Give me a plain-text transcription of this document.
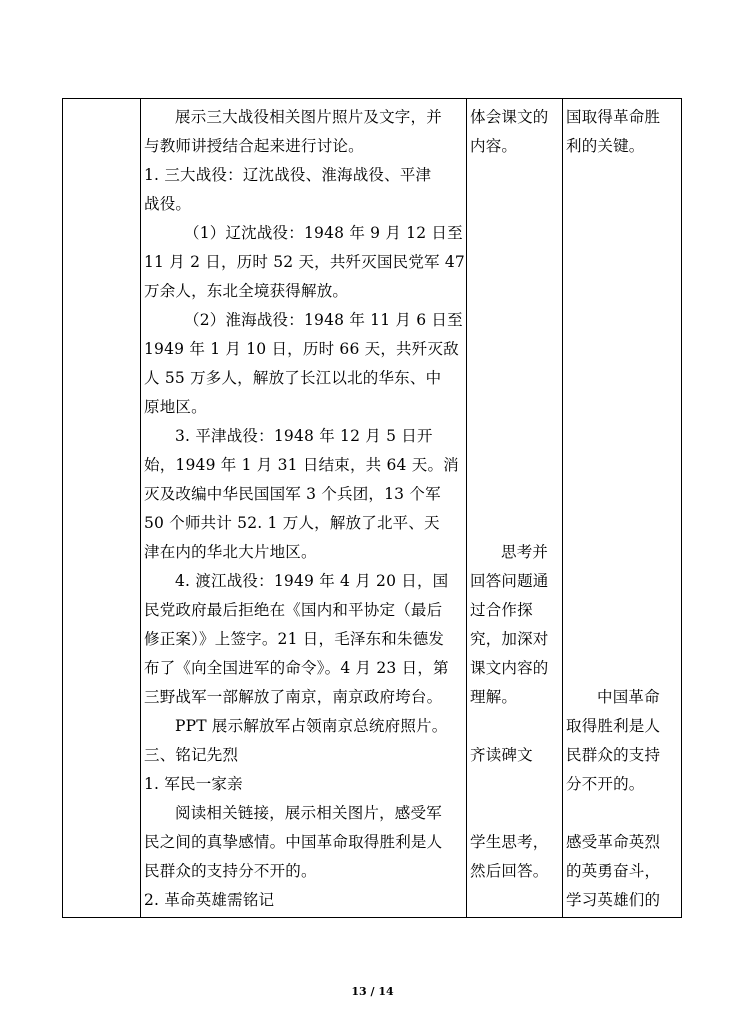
展示三大战役相关图片照片及文字，并

与教师讲授结合起来进行讨论。

1. 三大战役：辽沈战役、淮海战役、平津

战役。

（1）辽沈战役：1948 年 9 月 12 日至

11 月 2 日，历时 52 天，共歼灭国民党军 47

万余人，东北全境获得解放。

（2）淮海战役：1948 年 11 月 6 日至

1949 年 1 月 10 日，历时 66 天，共歼灭敌

人 55 万多人，解放了长江以北的华东、中

原地区。

3. 平津战役：1948 年 12 月 5 日开

始，1949 年 1 月 31 日结束，共 64 天。消

灭及改编中华民国国军 3 个兵团，13 个军

50 个师共计 52. 1 万人，解放了北平、天

津在内的华北大片地区。

4. 渡江战役：1949 年 4 月 20 日，国

民党政府最后拒绝在《国内和平协定（最后

修正案）》上签字。21 日，毛泽东和朱德发

布了《向全国进军的命令》。4 月 23 日，第

三野战军一部解放了南京，南京政府垮台。

PPT 展示解放军占领南京总统府照片。

三、铭记先烈

1. 军民一家亲

阅读相关链接，展示相关图片，感受军

民之间的真挚感情。中国革命取得胜利是人

民群众的支持分不开的。

2. 革命英雄需铭记

体会课文的

内容。

思考并

回答问题通

过合作探

究，加深对

课文内容的

理解。

齐读碑文

学生思考，

然后回答。

国取得革命胜

利的关键。

中国革命

取得胜利是人

民群众的支持

分不开的。

感受革命英烈

的英勇奋斗，

学习英雄们的

13 / 14
